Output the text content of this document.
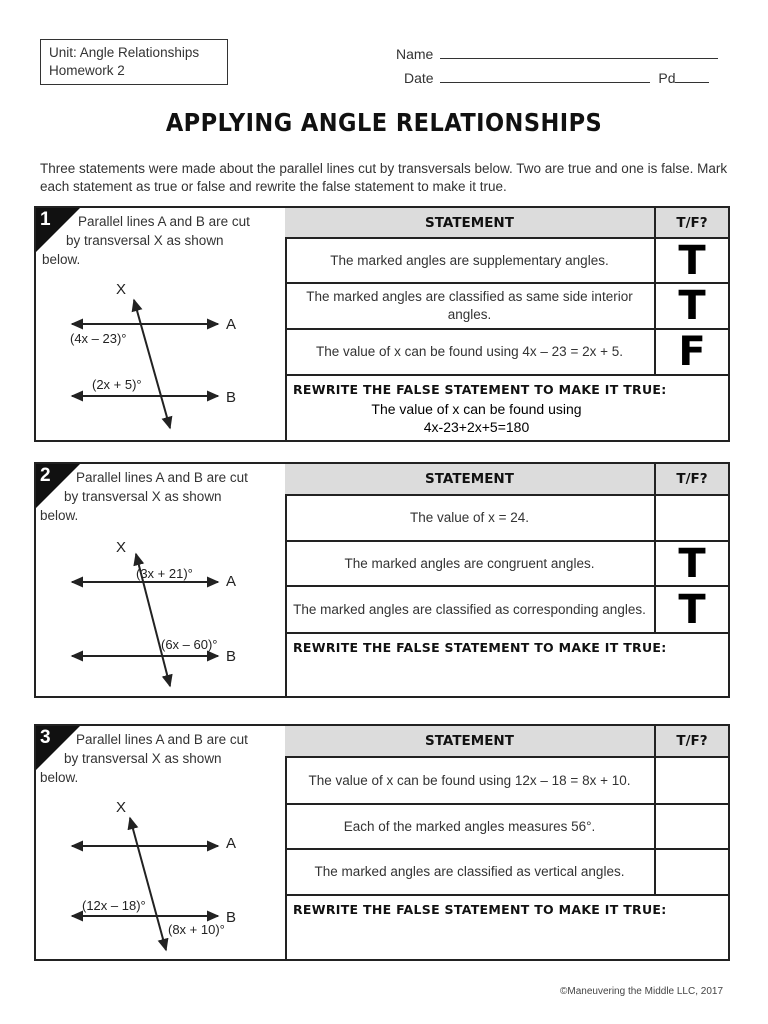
Unit: Angle Relationships
Homework 2
Name
Date	Pd
APPLYING ANGLE RELATIONSHIPS
Three statements were made about the parallel lines cut by transversals below. Two are true and one is false. Mark each statement as true or false and rewrite the false statement to make it true.
1	Parallel lines A and B are cut
by transversal X as shown
below.
X
A
B
(4x – 23)°
(2x + 5)°
STATEMENT	T/F?
The marked angles are supplementary angles.	T
The marked angles are classified as same side interior angles.	T
The value of x can be found using 4x – 23 = 2x + 5.	F
REWRITE THE FALSE STATEMENT TO MAKE IT TRUE:
The value of x can be found using
4x-23+2x+5=180
2	Parallel lines A and B are cut
by transversal X as shown
below.
X
A
B
(3x + 21)°
(6x – 60)°
STATEMENT	T/F?
The value of x = 24.
The marked angles are congruent angles.	T
The marked angles are classified as corresponding angles. T
REWRITE THE FALSE STATEMENT TO MAKE IT TRUE:
3	Parallel lines A and B are cut
by transversal X as shown
below.
X
A
B
(12x – 18)°
(8x + 10)°
STATEMENT	T/F?
The value of x can be found using 12x – 18 = 8x + 10.
Each of the marked angles measures 56°.
The marked angles are classified as vertical angles.
REWRITE THE FALSE STATEMENT TO MAKE IT TRUE:
©Maneuvering the Middle LLC, 2017
